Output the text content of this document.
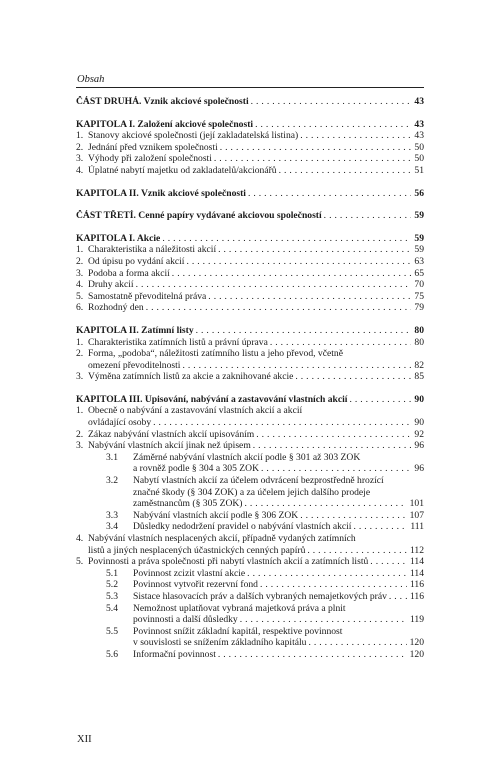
Obsah
ČÁST DRUHÁ. Vznik akciové společnosti . . .	43
KAPITOLA I. Založení akciové společnosti . . .	43
1. Stanovy akciové společnosti (její zakladatelská listina) . . .	43
2. Jednání před vznikem společnosti . . .	50
3. Výhody při založení společnosti . . .	50
4. Úplatné nabytí majetku od zakladatelů/akcionářů . . .	51
KAPITOLA II. Vznik akciové společnosti . . .	56
ČÁST TŘETÍ. Cenné papíry vydávané akciovou společností . . .	59
KAPITOLA I. Akcie . . .	59
1. Charakteristika a náležitosti akcií . . .	59
2. Od úpisu po vydání akcií . . .	63
3. Podoba a forma akcií . . .	65
4. Druhy akcií . . .	70
5. Samostatně převoditelná práva . . .	75
6. Rozhodný den . . .	79
KAPITOLA II. Zatímní listy . . .	80
1. Charakteristika zatímních listů a právní úprava . . .	80
2. Forma, „podoba“, náležitosti zatímního listu a jeho převod, včetně
omezení převoditelnosti . . .	82
3. Výměna zatímních listů za akcie a zaknihované akcie . . .	85
KAPITOLA III. Upisování, nabývání a zastavování vlastních akcií . . .	90
1. Obecně o nabývání a zastavování vlastních akcií a akcií
ovládající osoby . . .	90
2. Zákaz nabývání vlastních akcií upisováním . . .	92
3. Nabývání vlastních akcií jinak než úpisem . . .	96
3.1 Záměrné nabývání vlastních akcií podle § 301 až 303 ZOK
a rovněž podle § 304 a 305 ZOK . . .	96
3.2 Nabytí vlastních akcií za účelem odvrácení bezprostředně hrozící
značné škody (§ 304 ZOK) a za účelem jejich dalšího prodeje
zaměstnancům (§ 305 ZOK) . . .	101
3.3 Nabývání vlastních akcií podle § 306 ZOK . . .	107
3.4 Důsledky nedodržení pravidel o nabývání vlastních akcií . . .	111
4. Nabývání vlastních nesplacených akcií, případně vydaných zatímních
listů a jiných nesplacených účastnických cenných papírů . . .	112
5. Povinnosti a práva společnosti při nabytí vlastních akcií a zatímních listů . . .	114
5.1 Povinnost zcizit vlastní akcie . . .	114
5.2 Povinnost vytvořit rezervní fond . . .	116
5.3 Sistace hlasovacích práv a dalších vybraných nemajetkových práv . . .	116
5.4 Nemožnost uplatňovat vybraná majetková práva a plnit
povinnosti a další důsledky . . .	119
5.5 Povinnost snížit základní kapitál, respektive povinnost
v souvislosti se snížením základního kapitálu . . .	120
5.6 Informační povinnost . . .	120
XII
